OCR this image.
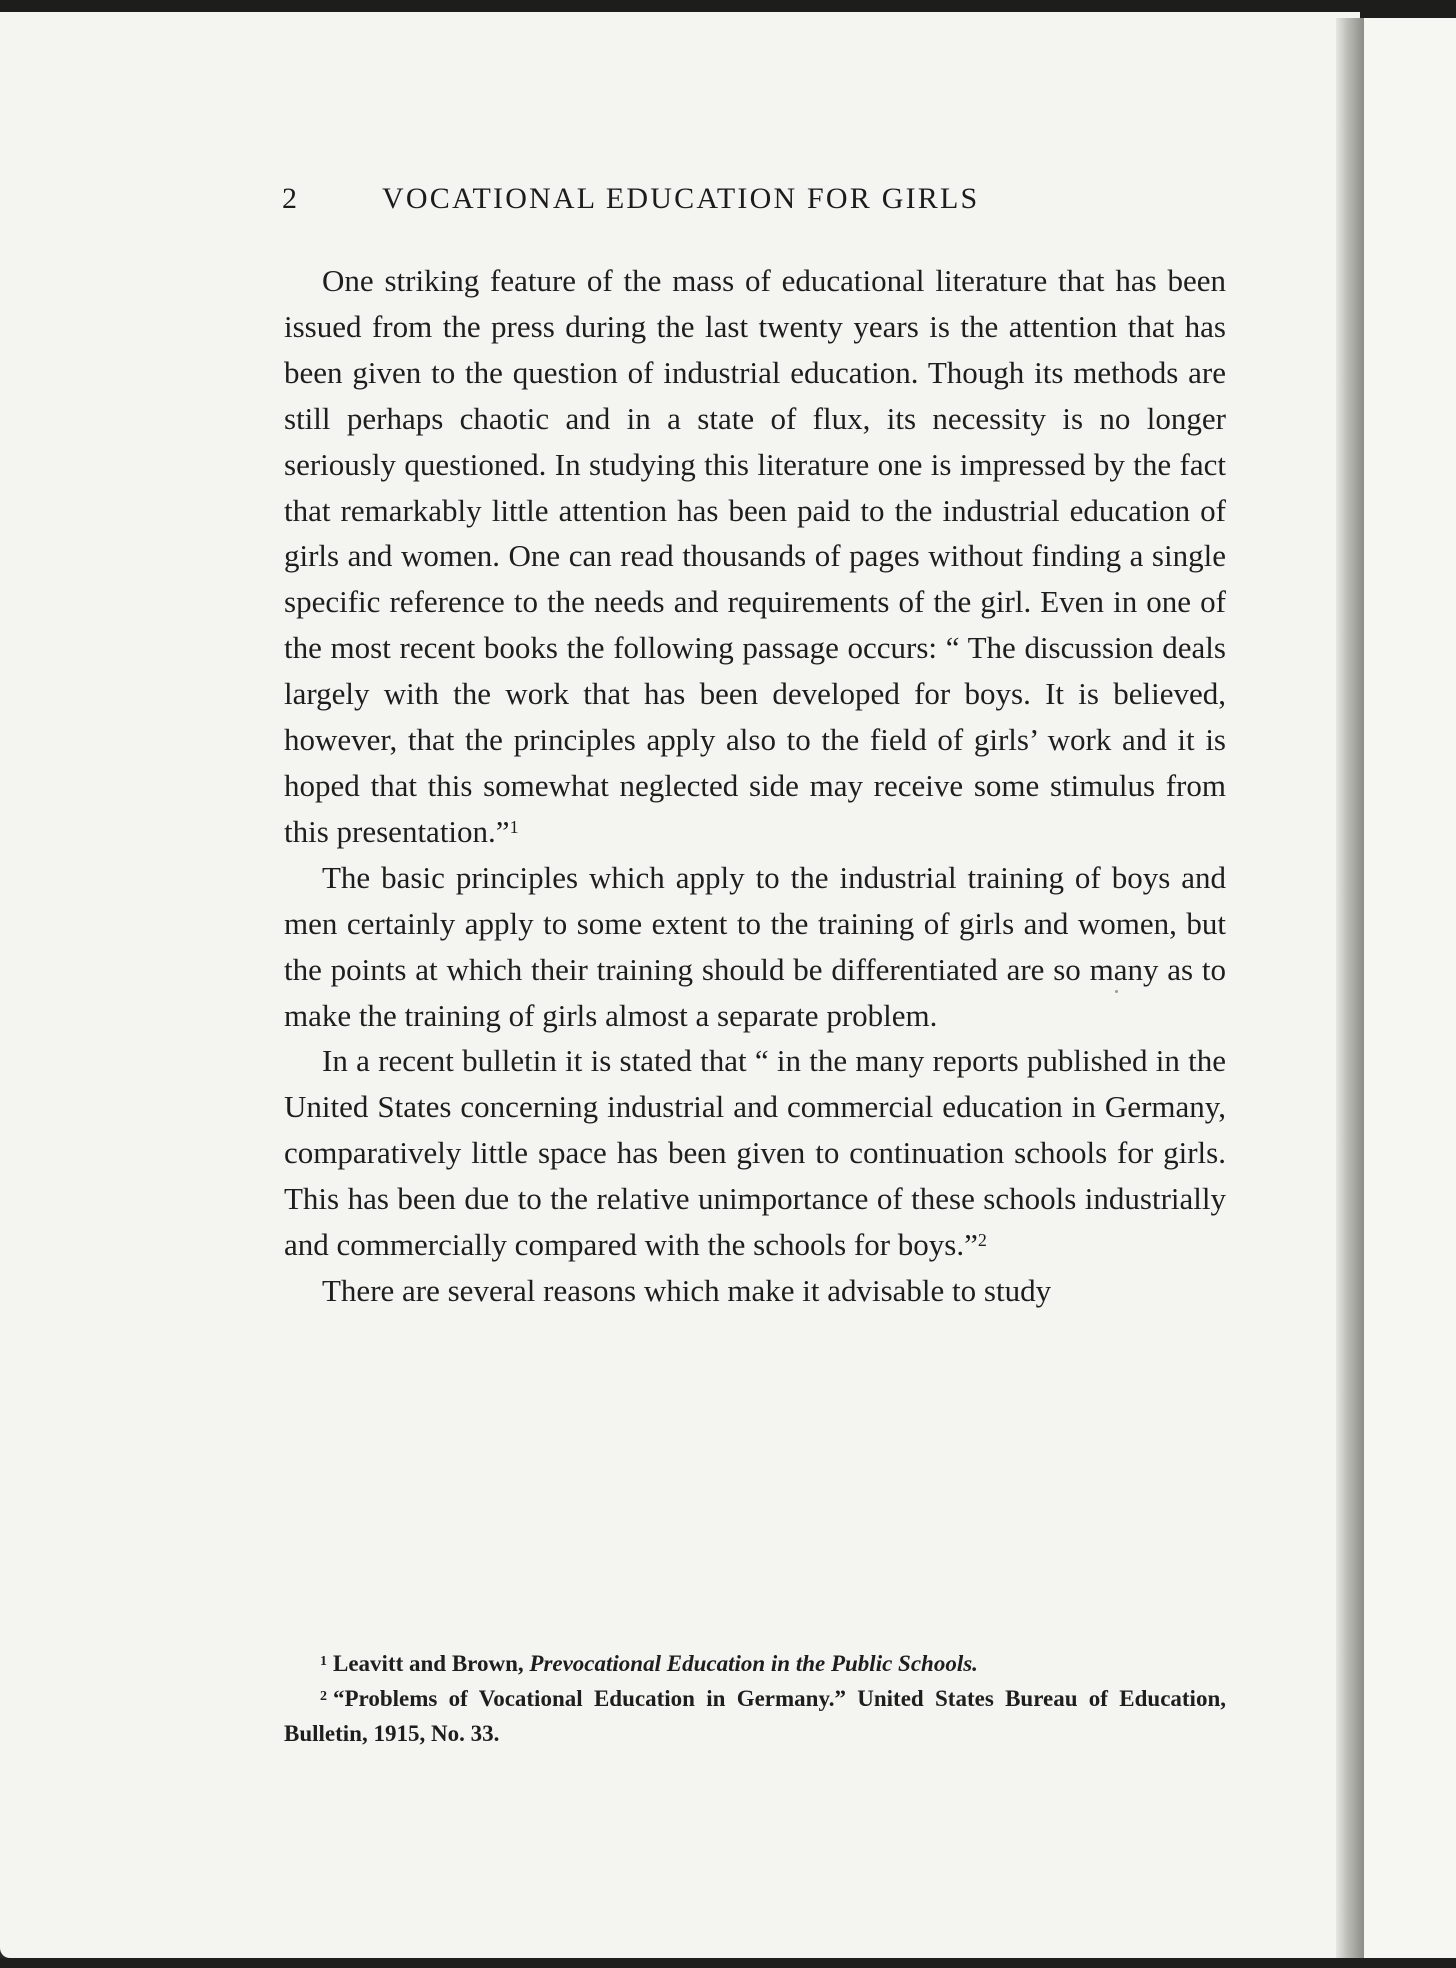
2	VOCATIONAL EDUCATION FOR GIRLS

One striking feature of the mass of educational literature that has been issued from the press during the last twenty years is the attention that has been given to the question of industrial education. Though its methods are still perhaps chaotic and in a state of flux, its necessity is no longer seriously questioned. In studying this literature one is impressed by the fact that remarkably little attention has been paid to the industrial education of girls and women. One can read thousands of pages without finding a single specific reference to the needs and requirements of the girl. Even in one of the most recent books the following passage occurs: “ The discussion deals largely with the work that has been developed for boys. It is believed, however, that the principles apply also to the field of girls’ work and it is hoped that this somewhat neglected side may receive some stimulus from this presentation.”$^1$

The basic principles which apply to the industrial training of boys and men certainly apply to some extent to the training of girls and women, but the points at which their training should be differentiated are so many as to make the training of girls almost a separate problem.

In a recent bulletin it is stated that “ in the many reports published in the United States concerning industrial and commercial education in Germany, comparatively little space has been given to continuation schools for girls. This has been due to the relative unimportance of these schools industrially and commercially compared with the schools for boys.”$^2$

There are several reasons which make it advisable to study

$^1$ Leavitt and Brown, Prevocational Education in the Public Schools.

$^2$ “Problems of Vocational Education in Germany.” United States Bureau of Education, Bulletin, 1915, No. 33.
